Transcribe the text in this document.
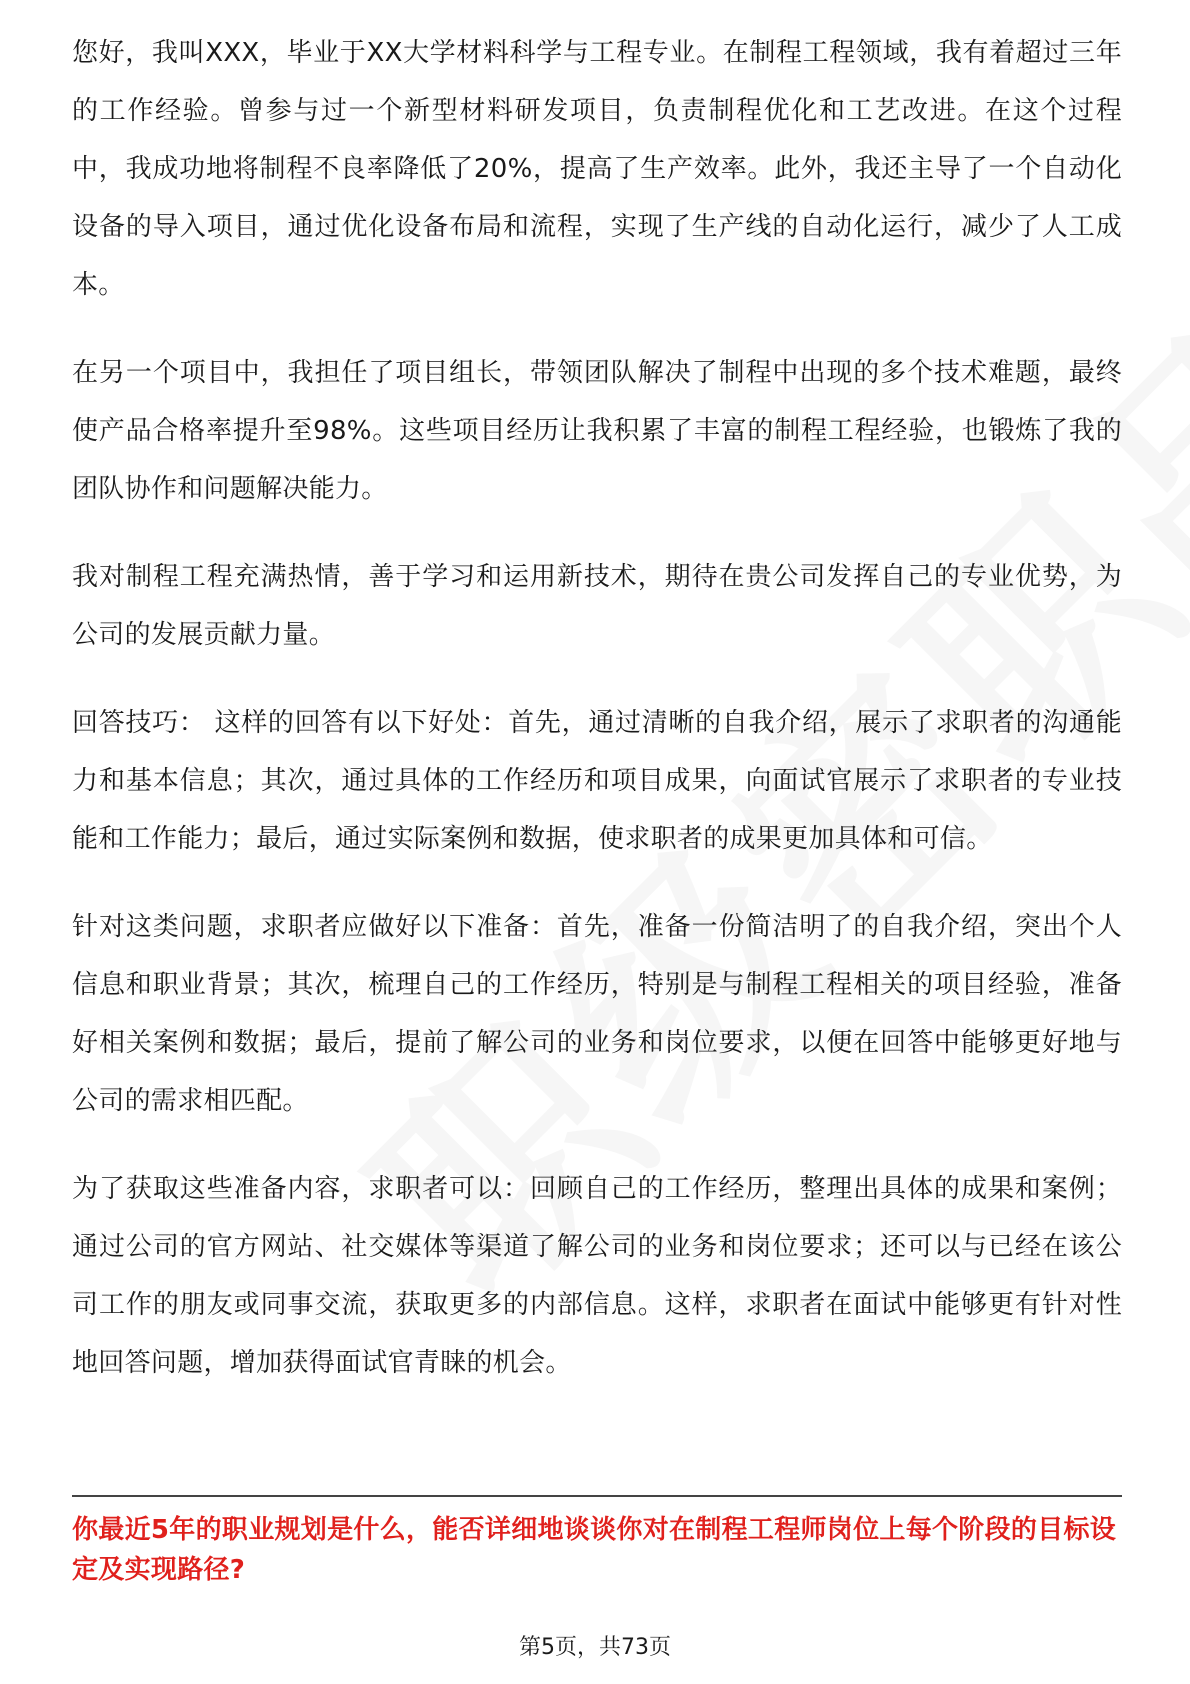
您好，我叫XXX，毕业于XX大学材料科学与工程专业。在制程工程领域，我有着超过三年的工作经验。曾参与过一个新型材料研发项目，负责制程优化和工艺改进。在这个过程中，我成功地将制程不良率降低了20%，提高了生产效率。此外，我还主导了一个自动化设备的导入项目，通过优化设备布局和流程，实现了生产线的自动化运行，减少了人工成本。

在另一个项目中，我担任了项目组长，带领团队解决了制程中出现的多个技术难题，最终使产品合格率提升至98%。这些项目经历让我积累了丰富的制程工程经验，也锻炼了我的团队协作和问题解决能力。

我对制程工程充满热情，善于学习和运用新技术，期待在贵公司发挥自己的专业优势，为公司的发展贡献力量。

回答技巧： 这样的回答有以下好处：首先，通过清晰的自我介绍，展示了求职者的沟通能力和基本信息；其次，通过具体的工作经历和项目成果，向面试官展示了求职者的专业技能和工作能力；最后，通过实际案例和数据，使求职者的成果更加具体和可信。

针对这类问题，求职者应做好以下准备：首先，准备一份简洁明了的自我介绍，突出个人信息和职业背景；其次，梳理自己的工作经历，特别是与制程工程相关的项目经验，准备好相关案例和数据；最后，提前了解公司的业务和岗位要求，以便在回答中能够更好地与公司的需求相匹配。

为了获取这些准备内容，求职者可以：回顾自己的工作经历，整理出具体的成果和案例；通过公司的官方网站、社交媒体等渠道了解公司的业务和岗位要求；还可以与已经在该公司工作的朋友或同事交流，获取更多的内部信息。这样，求职者在面试中能够更有针对性地回答问题，增加获得面试官青睐的机会。

你最近5年的职业规划是什么，能否详细地谈谈你对在制程工程师岗位上每个阶段的目标设定及实现路径?
第5页，共73页
